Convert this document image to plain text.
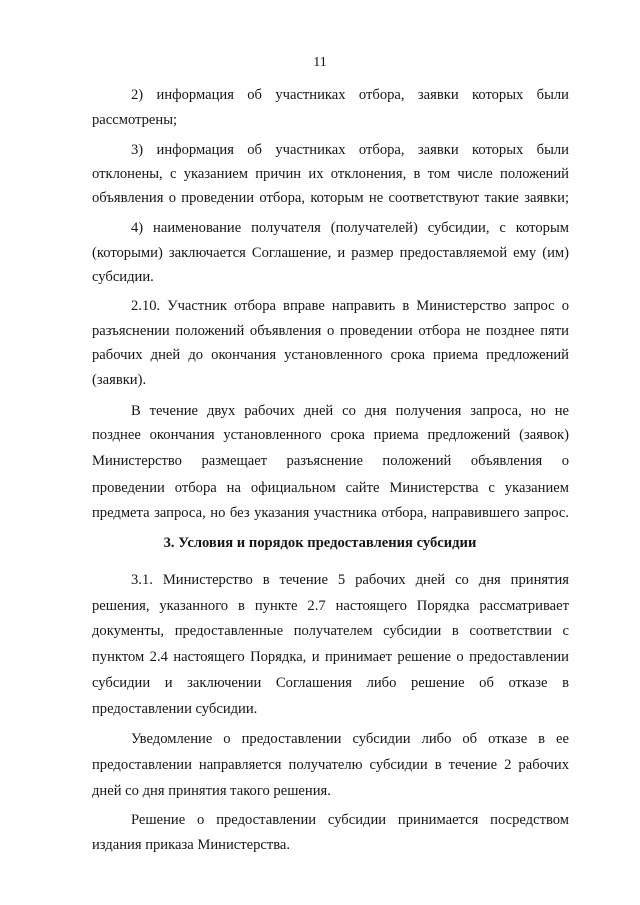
11

2) информация об участниках отбора, заявки которых были

рассмотрены;

3) информация об участниках отбора, заявки которых были

отклонены, с указанием причин их отклонения, в том числе положений

объявления о проведении отбора, которым не соответствуют такие заявки;

4) наименование получателя (получателей) субсидии, с которым

(которыми) заключается Соглашение, и размер предоставляемой ему (им)

субсидии.

2.10. Участник отбора вправе направить в Министерство запрос о

разъяснении положений объявления о проведении отбора не позднее пяти

рабочих дней до окончания установленного срока приема предложений

(заявки).

В течение двух рабочих дней со дня получения запроса, но не

позднее окончания установленного срока приема предложений (заявок)

Министерство размещает разъяснение положений объявления о

проведении отбора на официальном сайте Министерства с указанием

предмета запроса, но без указания участника отбора, направившего запрос.

3. Условия и порядок предоставления субсидии

3.1. Министерство в течение 5 рабочих дней со дня принятия

решения, указанного в пункте 2.7 настоящего Порядка рассматривает

документы, предоставленные получателем субсидии в соответствии с

пунктом 2.4 настоящего Порядка, и принимает решение о предоставлении

субсидии и заключении Соглашения либо решение об отказе в

предоставлении субсидии.

Уведомление о предоставлении субсидии либо об отказе в ее

предоставлении направляется получателю субсидии в течение 2 рабочих

дней со дня принятия такого решения.

Решение о предоставлении субсидии принимается посредством

издания приказа Министерства.
